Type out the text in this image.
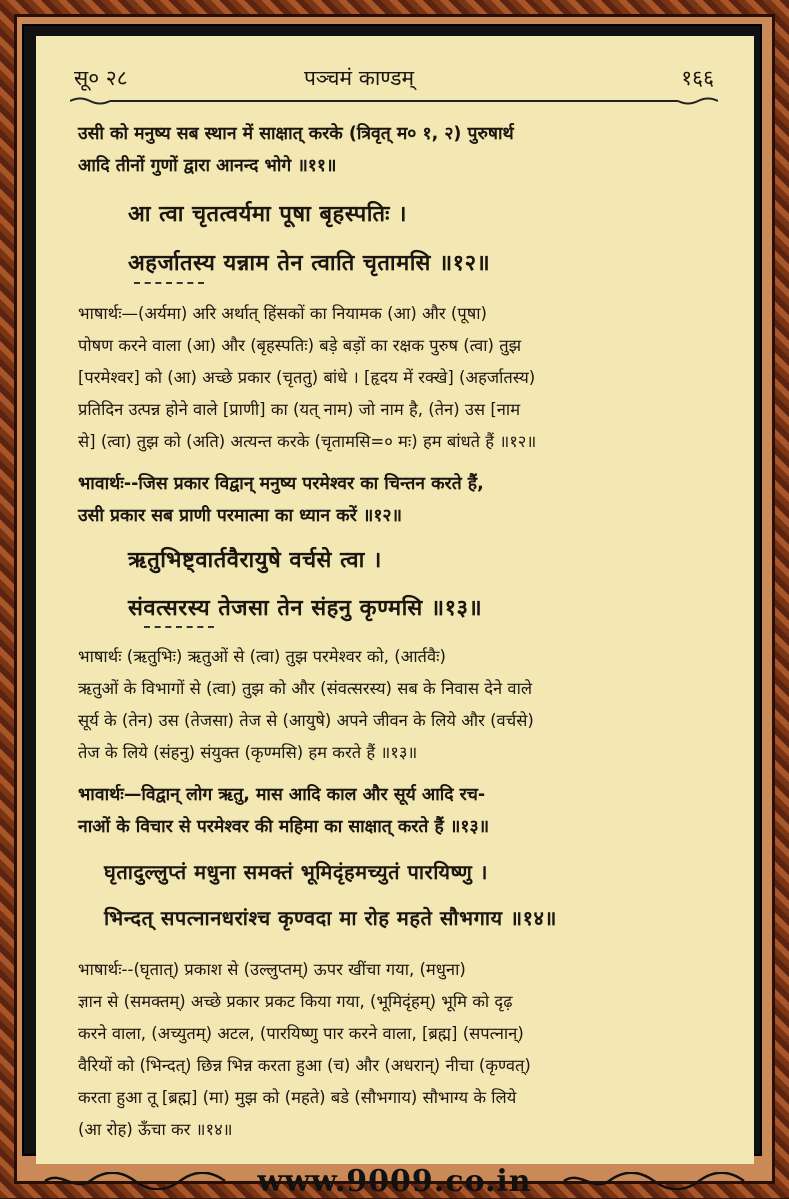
सू० २८	पञ्चमं काण्डम्	१६६

उसी को मनुष्य सब स्थान में साक्षात् करके (त्रिवृत् म० १, २) पुरुषार्थ

आदि तीनों गुणों द्वारा आनन्द भोगे ॥११॥

आ त्वा चृतत्वर्यमा पूषा बृहस्पतिः ।
अहर्जातस्य यन्नाम तेन त्वाति चृतामसि ॥१२॥

भाषार्थः—(अर्यमा) अरि अर्थात् हिंसकों का नियामक (आ) और (पूषा)

पोषण करने वाला (आ) और (बृहस्पतिः) बड़े बड़ों का रक्षक पुरुष (त्वा) तुझ

[परमेश्वर] को (आ) अच्छे प्रकार (चृततु) बांधे । [हृदय में रक्खे] (अहर्जातस्य)

प्रतिदिन उत्पन्न होने वाले [प्राणी] का (यत् नाम) जो नाम है, (तेन) उस [नाम

से] (त्वा) तुझ को (अति) अत्यन्त करके (चृतामसि=० मः) हम बांधते हैं ॥१२॥

भावार्थः--जिस प्रकार विद्वान् मनुष्य परमेश्वर का चिन्तन करते हैं,

उसी प्रकार सब प्राणी परमात्मा का ध्यान करें ॥१२॥

ऋतुभिष्ट्वार्तवैरायुषे वर्चसे त्वा ।
संवत्सरस्य तेजसा तेन संहनु कृण्मसि ॥१३॥

भाषार्थः (ऋतुभिः) ऋतुओं से (त्वा) तुझ परमेश्वर को, (आर्तवैः)

ऋतुओं के विभागों से (त्वा) तुझ को और (संवत्सरस्य) सब के निवास देने वाले

सूर्य के (तेन) उस (तेजसा) तेज से (आयुषे) अपने जीवन के लिये और (वर्चसे)

तेज के लिये (संहनु) संयुक्त (कृण्मसि) हम करते हैं ॥१३॥

भावार्थः—विद्वान् लोग ऋतु, मास आदि काल और सूर्य आदि रच-

नाओं के विचार से परमेश्वर की महिमा का साक्षात् करते हैं ॥१३॥

घृतादुल्लुप्तं मधुना समक्तं भूमिदृंहमच्युतं पारयिष्णु ।
भिन्दत् सपत्नानधरांश्च कृण्वदा मा रोह महते सौभगाय ॥१४॥

भाषार्थः--(घृतात्) प्रकाश से (उल्लुप्तम्) ऊपर खींचा गया, (मधुना)

ज्ञान से (समक्तम्) अच्छे प्रकार प्रकट किया गया, (भूमिदृंहम्) भूमि को दृढ़

करने वाला, (अच्युतम्) अटल, (पारयिष्णु पार करने वाला, [ब्रह्म] (सपत्नान्)

वैरियों को (भिन्दत्) छिन्न भिन्न करता हुआ (च) और (अधरान्) नीचा (कृण्वत्)

करता हुआ तू [ब्रह्म] (मा) मुझ को (महते) बडे (सौभगाय) सौभाग्य के लिये

(आ रोह) ऊँचा कर ॥१४॥

www.9009.co.in
